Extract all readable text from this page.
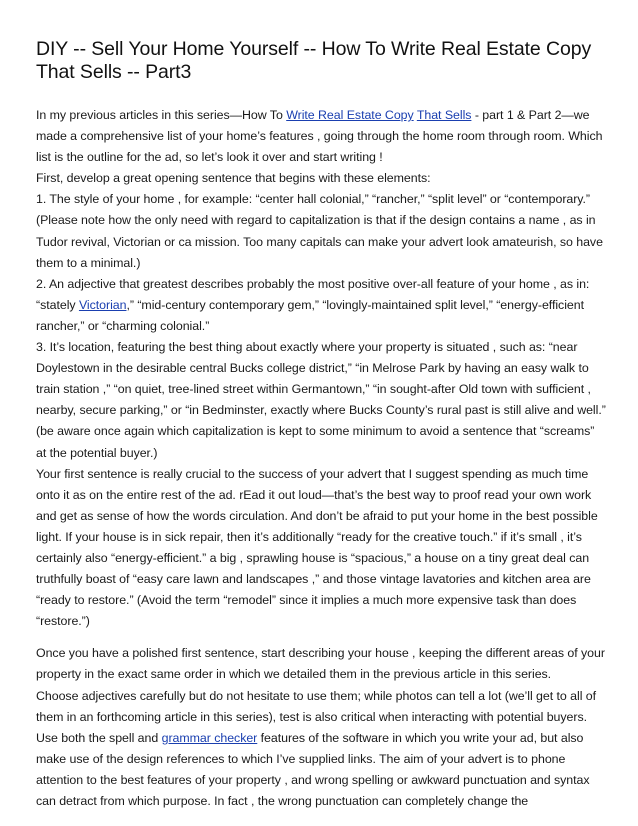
DIY -- Sell Your Home Yourself -- How To Write Real Estate Copy That Sells -- Part3

In my previous articles in this series—How To Write Real Estate Copy That Sells - part 1 & Part 2—we made a comprehensive list of your home’s features , going through the home room through room. Which list is the outline for the ad, so let’s look it over and start writing !

First, develop a great opening sentence that begins with these elements:

1. The style of your home , for example: “center hall colonial,” “rancher,” “split level” or “contemporary.” (Please note how the only need with regard to capitalization is that if the design contains a name , as in Tudor revival, Victorian or ca mission. Too many capitals can make your advert look amateurish, so have them to a minimal.)

2. An adjective that greatest describes probably the most positive over-all feature of your home , as in: “stately Victorian,” “mid-century contemporary gem,” “lovingly-maintained split level,” “energy-efficient rancher,” or “charming colonial.”

3. It’s location, featuring the best thing about exactly where your property is situated , such as: “near Doylestown in the desirable central Bucks college district,” “in Melrose Park by having an easy walk to train station ,” “on quiet, tree-lined street within Germantown,” “in sought-after Old town with sufficient , nearby, secure parking,” or “in Bedminster, exactly where Bucks County’s rural past is still alive and well.” (be aware once again which capitalization is kept to some minimum to avoid a sentence that “screams” at the potential buyer.)

Your first sentence is really crucial to the success of your advert that I suggest spending as much time onto it as on the entire rest of the ad. rEad it out loud—that’s the best way to proof read your own work and get as sense of how the words circulation. And don’t be afraid to put your home in the best possible light. If your house is in sick repair, then it’s additionally “ready for the creative touch.” if it’s small , it’s certainly also “energy-efficient.” a big , sprawling house is “spacious,” a house on a tiny great deal can truthfully boast of “easy care lawn and landscapes ,” and those vintage lavatories and kitchen area are “ready to restore.” (Avoid the term “remodel” since it implies a much more expensive task than does “restore.”)

Once you have a polished first sentence, start describing your house , keeping the different areas of your property in the exact same order in which we detailed them in the previous article in this series.

Choose adjectives carefully but do not hesitate to use them; while photos can tell a lot (we’ll get to all of them in an forthcoming article in this series), test is also critical when interacting with potential buyers.

Use both the spell and grammar checker features of the software in which you write your ad, but also make use of the design references to which I’ve supplied links. The aim of your advert is to phone attention to the best features of your property , and wrong spelling or awkward punctuation and syntax can detract from which purpose. In fact , the wrong punctuation can completely change the
